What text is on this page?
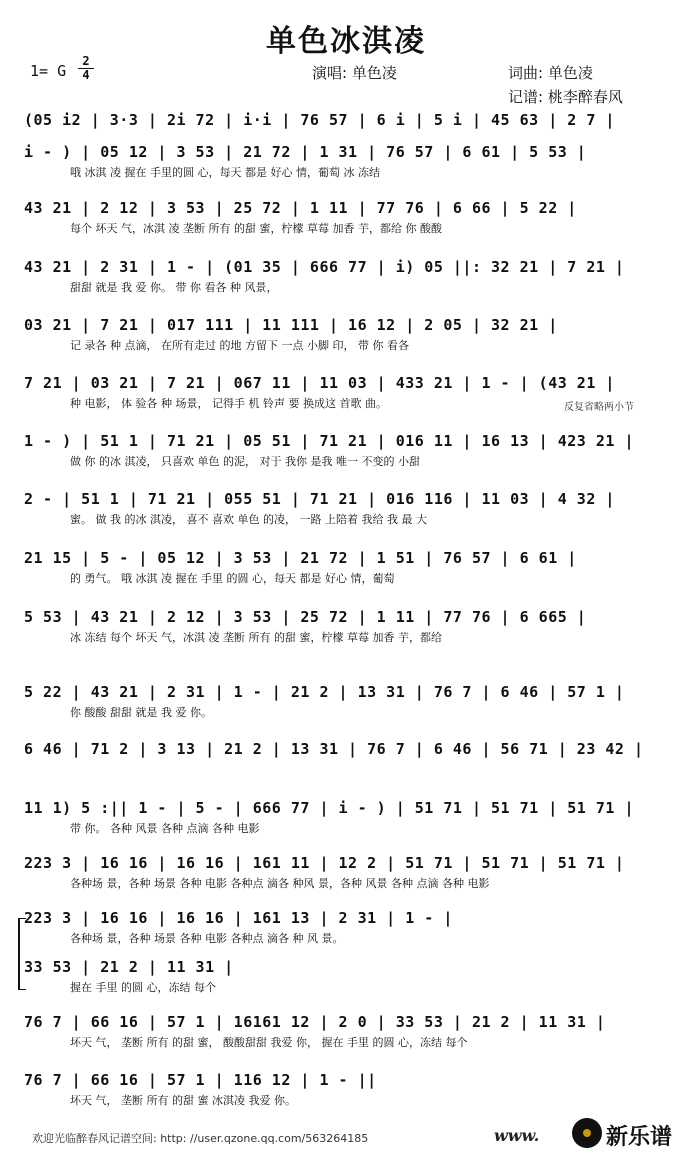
单色冰淇凌
1= G
2
4	演唱: 单色凌	词曲: 单色凌
记谱: 桃李醉春风
(05 i2 | 3·3 | 2i 72 | i·i | 76 57 | 6 i | 5 i | 45 63 | 2 7 |
i - ) | 05 12 | 3 53 | 21 72 | 1 31 | 76 57 | 6 61 | 5 53 |
哦 冰淇 凌 握在 手里的圆 心，每天 都是 好心 情，葡萄 冰 冻结
43 21 | 2 12 | 3 53 | 25 72 | 1 11 | 77 76 | 6 66 | 5 22 |
每个 坏天 气，冰淇 凌 垄断 所有 的甜 蜜，柠檬 草莓 加香 芋，都给 你 酸酸
43 21 | 2 31 | 1 - | (01 35 | 666 77 | i) 05 ||: 32 21 | 7 21 |
甜甜 就是 我 爱 你。 带 你 看各 种 风景，
03 21 | 7 21 | 017 111 | 11 111 | 16 12 | 2 05 | 32 21 |
记 录各 种 点滴， 在所有走过 的地 方留下 一点 小脚 印， 带 你 看各
7 21 | 03 21 | 7 21 | 067 11 | 11 03 | 433 21 | 1 - | (43 21 |
种 电影， 体 验各 种 场景， 记得手 机 铃声 要 换成这 首歌 曲。
1 - ) | 51 1 | 71 21 | 05 51 | 71 21 | 016 11 | 16 13 | 423 21 |
做 你 的冰 淇凌， 只喜欢 单色 的泥， 对于 我你 是我 唯一 不变的 小甜
2 - | 51 1 | 71 21 | 055 51 | 71 21 | 016 116 | 11 03 | 4 32 |
蜜。 做 我 的冰 淇凌， 喜不 喜欢 单色 的凌， 一路 上陪着 我给 我 最 大
21 15 | 5 - | 05 12 | 3 53 | 21 72 | 1 51 | 76 57 | 6 61 |
的 勇气。 哦 冰淇 凌 握在 手里 的圆 心，每天 都是 好心 情，葡萄
5 53 | 43 21 | 2 12 | 3 53 | 25 72 | 1 11 | 77 76 | 6 665 |
冰 冻结 每个 坏天 气，冰淇 凌 垄断 所有 的甜 蜜，柠檬 草莓 加香 芋，都给
5 22 | 43 21 | 2 31 | 1 - | 21 2 | 13 31 | 76 7 | 6 46 | 57 1 |
你 酸酸 甜甜 就是 我 爱 你。
6 46 | 71 2 | 3 13 | 21 2 | 13 31 | 76 7 | 6 46 | 56 71 | 23 42 |
11 1) 5 :|| 1 - | 5 - | 666 77 | i - ) | 51 71 | 51 71 | 51 71 |
带 你。 各种 风景 各种 点滴 各种 电影
223 3 | 16 16 | 16 16 | 161 11 | 12 2 | 51 71 | 51 71 | 51 71 |
各种场 景，各种 场景 各种 电影 各种点 滴各 种风 景，各种 风景 各种 点滴 各种 电影
223 3 | 16 16 | 16 16 | 161 13 | 2 31 | 1 - |
各种场 景，各种 场景 各种 电影 各种点 滴各 种 风 景。
33 53 | 21 2 | 11 31 |
握在 手里 的圆 心，冻结 每个
76 7 | 66 16 | 57 1 | 16161 12 | 2 0 | 33 53 | 21 2 | 11 31 |
坏天 气， 垄断 所有 的甜 蜜， 酸酸甜甜 我爱 你， 握在 手里 的圆 心，冻结 每个
76 7 | 66 16 | 57 1 | 116 12 | 1 - ||
坏天 气， 垄断 所有 的甜 蜜 冰淇凌 我爱 你。
反复省略两小节
欢迎光临醉春风记谱空间: http: //user.qzone.qq.com/563264185	www.	新乐谱
